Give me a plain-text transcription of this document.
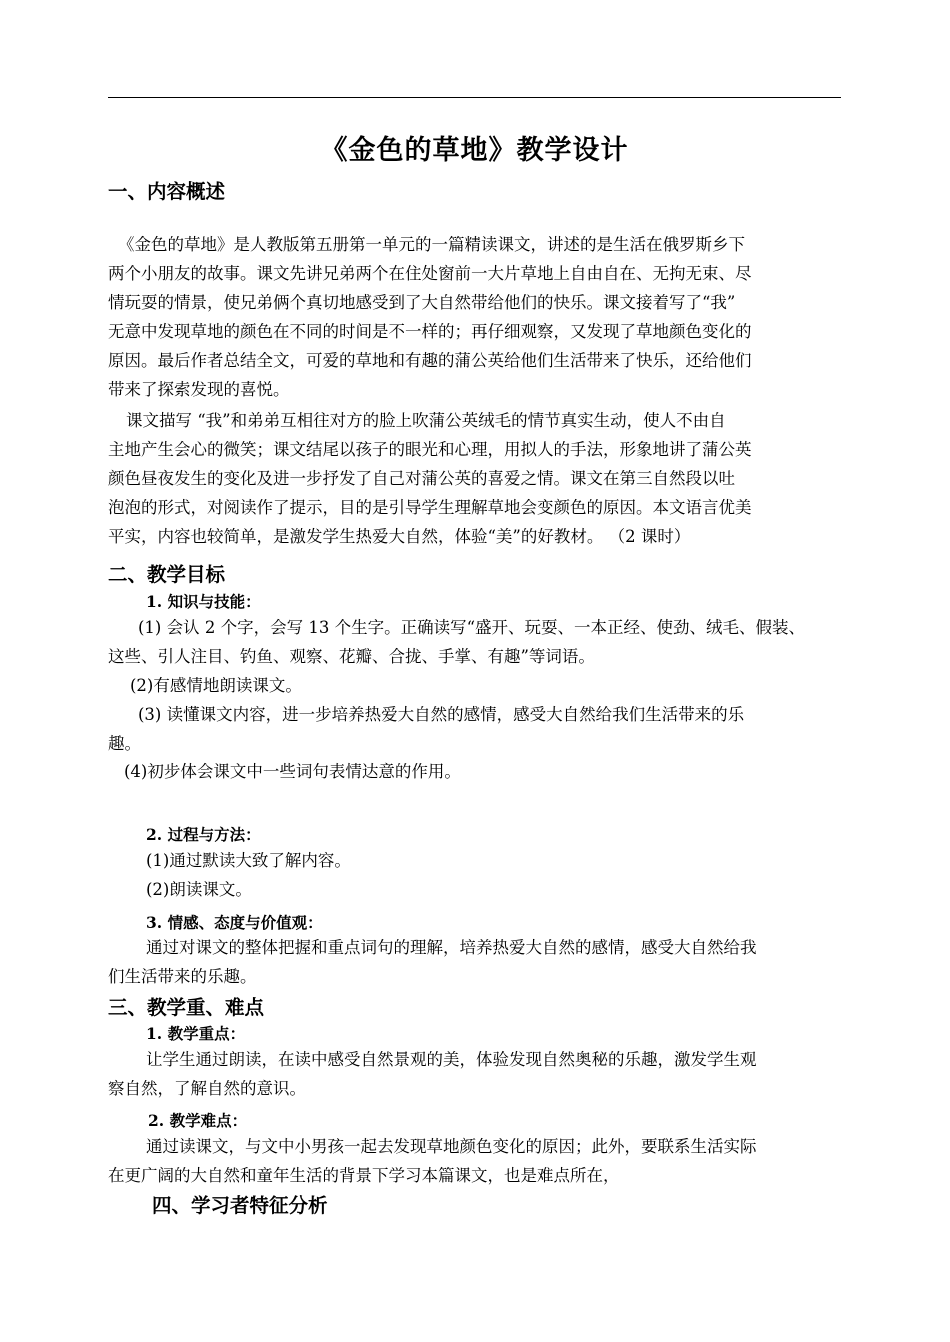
《金色的草地》教学设计
一、内容概述
《金色的草地》是人教版第五册第一单元的一篇精读课文，讲述的是生活在俄罗斯乡下
两个小朋友的故事。课文先讲兄弟两个在住处窗前一大片草地上自由自在、无拘无束、尽
情玩耍的情景，使兄弟俩个真切地感受到了大自然带给他们的快乐。课文接着写了“我”
无意中发现草地的颜色在不同的时间是不一样的；再仔细观察，又发现了草地颜色变化的
原因。最后作者总结全文，可爱的草地和有趣的蒲公英给他们生活带来了快乐，还给他们
带来了探索发现的喜悦。
课文描写 “我”和弟弟互相往对方的脸上吹蒲公英绒毛的情节真实生动，使人不由自
主地产生会心的微笑；课文结尾以孩子的眼光和心理，用拟人的手法，形象地讲了蒲公英
颜色昼夜发生的变化及进一步抒发了自己对蒲公英的喜爱之情。课文在第三自然段以吐
泡泡的形式，对阅读作了提示，目的是引导学生理解草地会变颜色的原因。本文语言优美
平实，内容也较简单，是激发学生热爱大自然，体验“美”的好教材。 （2 课时）
二、教学目标
1. 知识与技能：
(1) 会认 2 个字，会写 13 个生字。正确读写“盛开、玩耍、一本正经、使劲、绒毛、假装、
这些、引人注目、钓鱼、观察、花瓣、合拢、手掌、有趣”等词语。
(2)有感情地朗读课文。
(3) 读懂课文内容，进一步培养热爱大自然的感情，感受大自然给我们生活带来的乐
趣。
(4)初步体会课文中一些词句表情达意的作用。
2. 过程与方法：
(1)通过默读大致了解内容。
(2)朗读课文。
3. 情感、态度与价值观：
通过对课文的整体把握和重点词句的理解，培养热爱大自然的感情，感受大自然给我
们生活带来的乐趣。
三、教学重、难点
1. 教学重点：
让学生通过朗读，在读中感受自然景观的美，体验发现自然奥秘的乐趣，激发学生观
察自然，了解自然的意识。
2. 教学难点：
通过读课文，与文中小男孩一起去发现草地颜色变化的原因；此外，要联系生活实际
在更广阔的大自然和童年生活的背景下学习本篇课文，也是难点所在，
四、学习者特征分析
